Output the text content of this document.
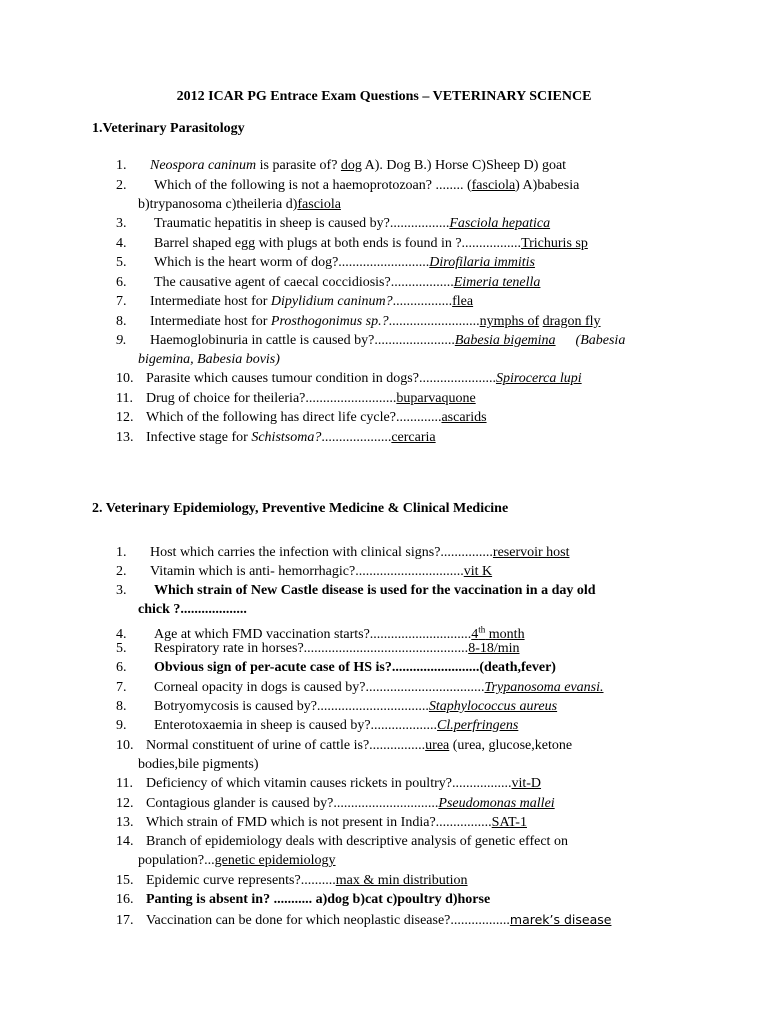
2012 ICAR PG Entrace Exam Questions – VETERINARY SCIENCE
1.Veterinary Parasitology
1. Neospora caninum is parasite of? dog A). Dog B.) Horse C)Sheep D) goat
2. Which of the following is not a haemoprotozoan? ........ (fasciola) A)babesia
b)trypanosoma c)theileria d)fasciola
3. Traumatic hepatitis in sheep is caused by?.................Fasciola hepatica
4. Barrel shaped egg with plugs at both ends is found in ?.................Trichuris sp
5. Which is the heart worm of dog?..........................Dirofilaria immitis
6. The causative agent of caecal coccidiosis?..................Eimeria tenella
7. Intermediate host for Dipylidium caninum?.................flea
8. Intermediate host for Prosthogonimus sp.?..........................nymphs of dragon fly
9. Haemoglobinuria in cattle is caused by?.......................Babesia bigemina (Babesia
bigemina, Babesia bovis)
10. Parasite which causes tumour condition in dogs?......................Spirocerca lupi
11. Drug of choice for theileria?..........................buparvaquone
12. Which of the following has direct life cycle?.............ascarids
13. Infective stage for Schistsoma?....................cercaria
2. Veterinary Epidemiology, Preventive Medicine & Clinical Medicine
1. Host which carries the infection with clinical signs?...............reservoir host
2. Vitamin which is anti- hemorrhagic?...............................vit K
3. Which strain of New Castle disease is used for the vaccination in a day old
chick ?...................
4. Age at which FMD vaccination starts?.............................4th month
5. Respiratory rate in horses?...............................................8-18/min
6. Obvious sign of per-acute case of HS is?.........................(death,fever)
7. Corneal opacity in dogs is caused by?..................................Trypanosoma evansi.
8. Botryomycosis is caused by?................................Staphylococcus aureus
9. Enterotoxaemia in sheep is caused by?...................Cl.perfringens
10. Normal constituent of urine of cattle is?................urea (urea, glucose,ketone
bodies,bile pigments)
11. Deficiency of which vitamin causes rickets in poultry?.................vit-D
12. Contagious glander is caused by?..............................Pseudomonas mallei
13. Which strain of FMD which is not present in India?................SAT-1
14. Branch of epidemiology deals with descriptive analysis of genetic effect on
population?...genetic epidemiology
15. Epidemic curve represents?..........max & min distribution
16. Panting is absent in? ........... a)dog b)cat c)poultry d)horse
17. Vaccination can be done for which neoplastic disease?.................marek’s disease
